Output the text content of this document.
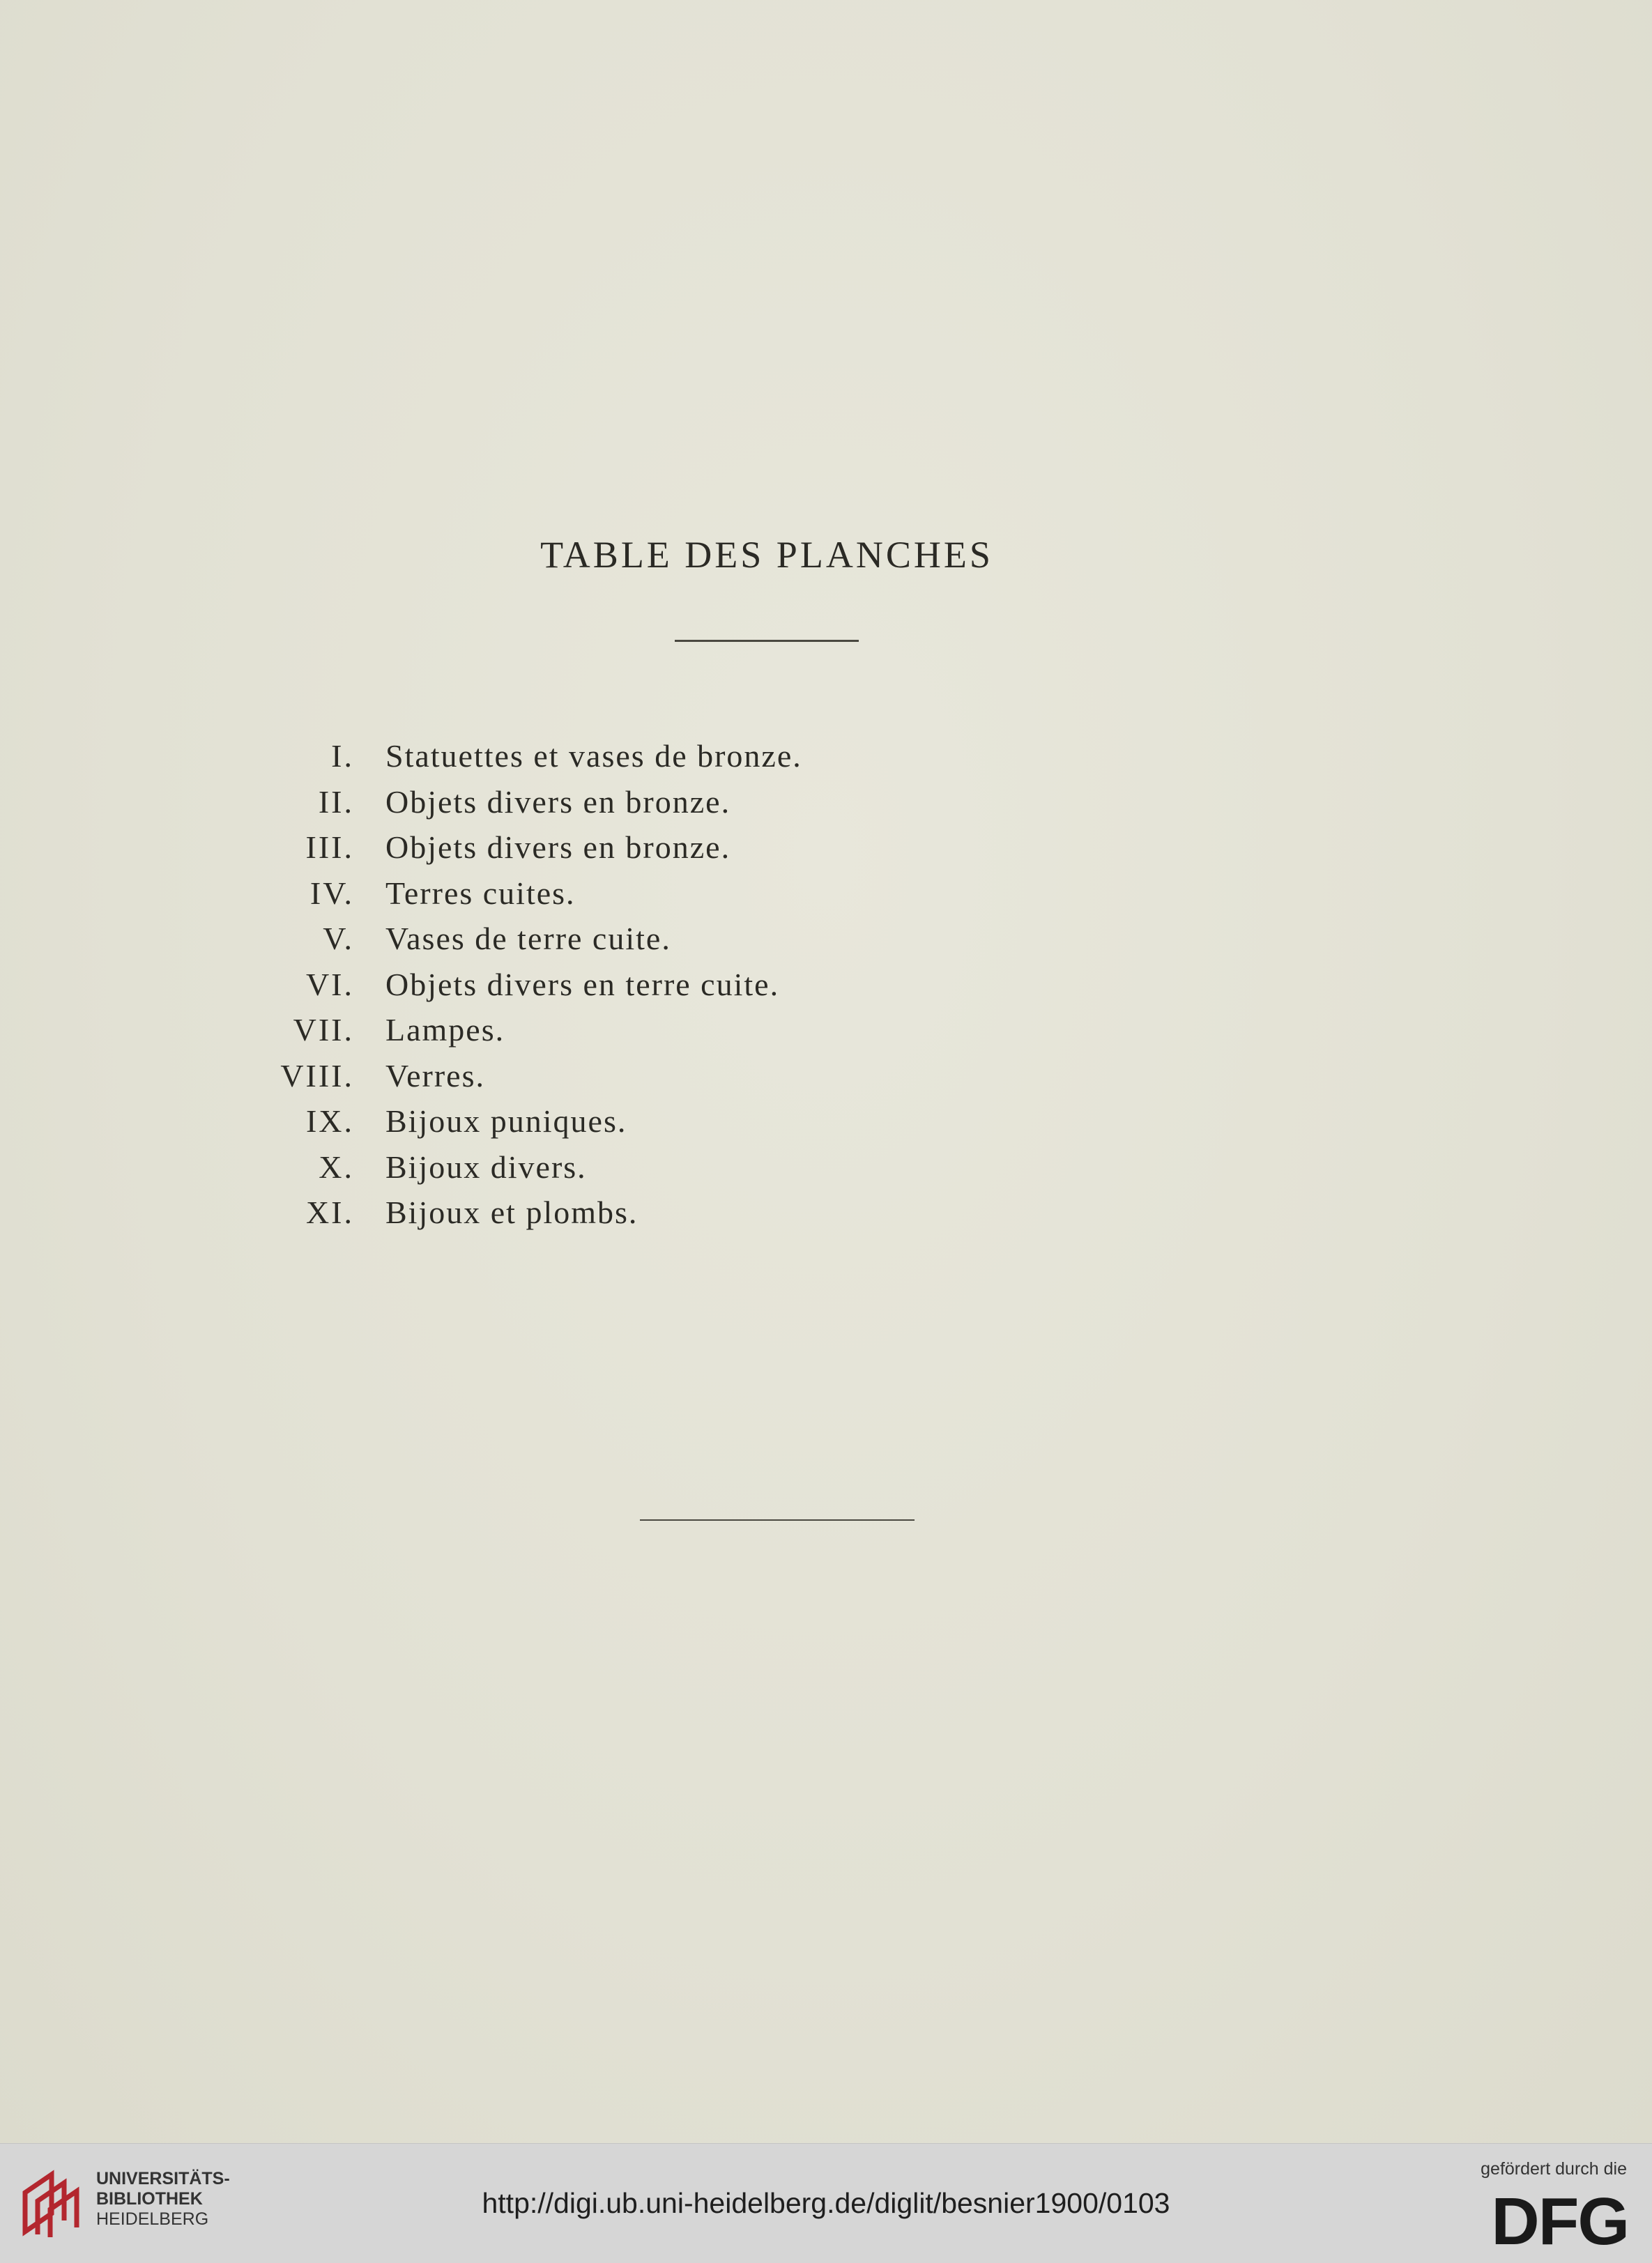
TABLE DES PLANCHES
I. Statuettes et vases de bronze.
II. Objets divers en bronze.
III. Objets divers en bronze.
IV. Terres cuites.
V. Vases de terre cuite.
VI. Objets divers en terre cuite.
VII. Lampes.
VIII. Verres.
IX. Bijoux puniques.
X. Bijoux divers.
XI. Bijoux et plombs.
UNIVERSITÄTS-
BIBLIOTHEK
HEIDELBERG	http://digi.ub.uni-heidelberg.de/diglit/besnier1900/0103
gefördert durch die
DFG
